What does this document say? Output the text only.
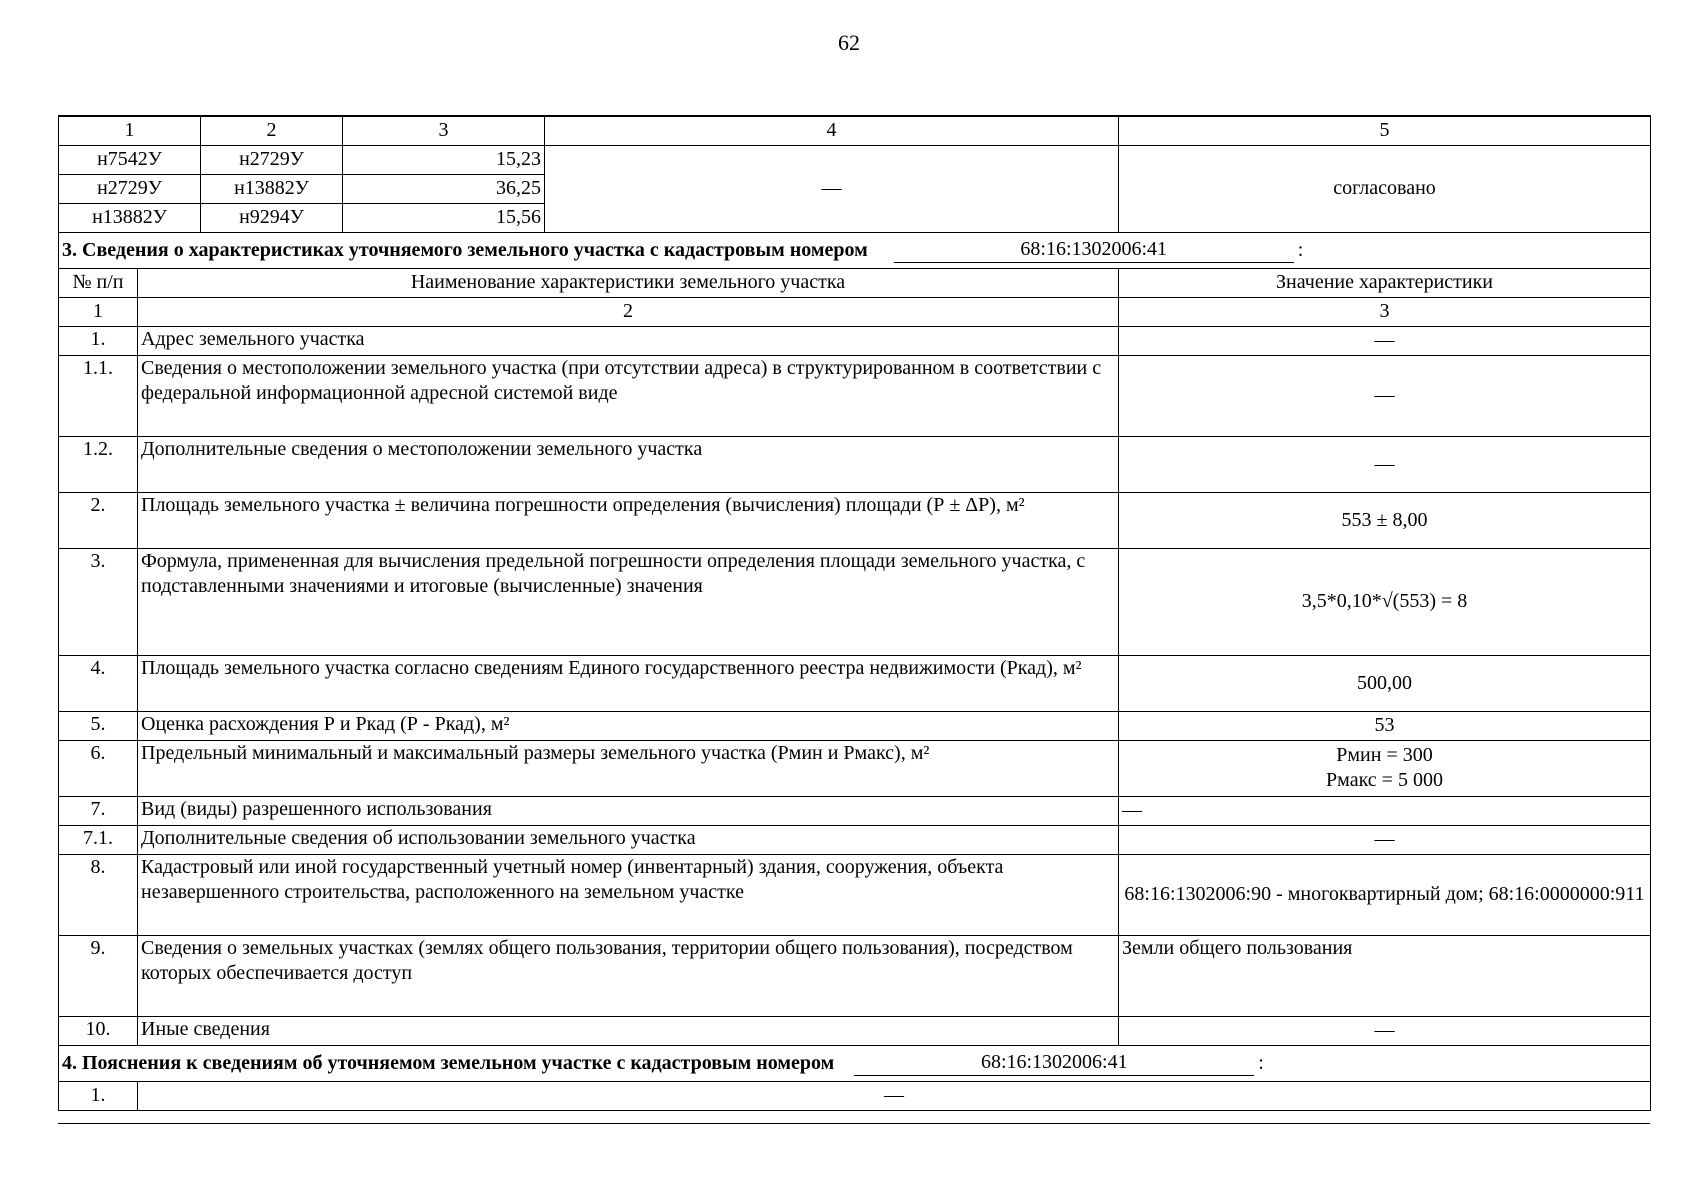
62
1		2	3	4	5
н7542У		н2729У	15,23	—	согласовано
н2729У		н13882У	36,25		
н13882У		н9294У	15,56		

3. Сведения о характеристиках уточняемого земельного участка с кадастровым номером 68:16:1302006:41 :					

№ п/п	Наименование характеристики земельного участка				Значение характеристики
1	2				3
1.	Адрес земельного участка				—
1.1.	Сведения о местоположении земельного участка (при отсутствии адреса) в структурированном в соответствии с федеральной информационной адресной системой виде				—
1.2.	Дополнительные сведения о местоположении земельного участка				—
2.	Площадь земельного участка ± величина погрешности определения (вычисления) площади (Р ± ΔР), м²				553 ± 8,00
3.	Формула, примененная для вычисления предельной погрешности определения площади земельного участка, с подставленными значениями и итоговые (вычисленные) значения				3,5*0,10*√(553) = 8
4.	Площадь земельного участка согласно сведениям Единого государственного реестра недвижимости (Ркад), м²				500,00
5.	Оценка расхождения Р и Ркад (Р - Ркад), м²				53
6.	Предельный минимальный и максимальный размеры земельного участка (Рмин и Рмакс), м²				Рмин = 300
Рмакс = 5 000

7.	Вид (виды) разрешенного использования				—
7.1.	Дополнительные сведения об использовании земельного участка				—
8.	Кадастровый или иной государственный учетный номер (инвентарный) здания, сооружения, объекта незавершенного строительства, расположенного на земельном участке				68:16:1302006:90 - многоквартирный дом; 68:16:0000000:911
9.	Сведения о земельных участках (землях общего пользования, территории общего пользования), посредством которых обеспечивается доступ				Земли общего пользования
10.	Иные сведения				—

4. Пояснения к сведениям об уточняемом земельном участке с кадастровым номером 68:16:1302006:41 :					

1.	—				
